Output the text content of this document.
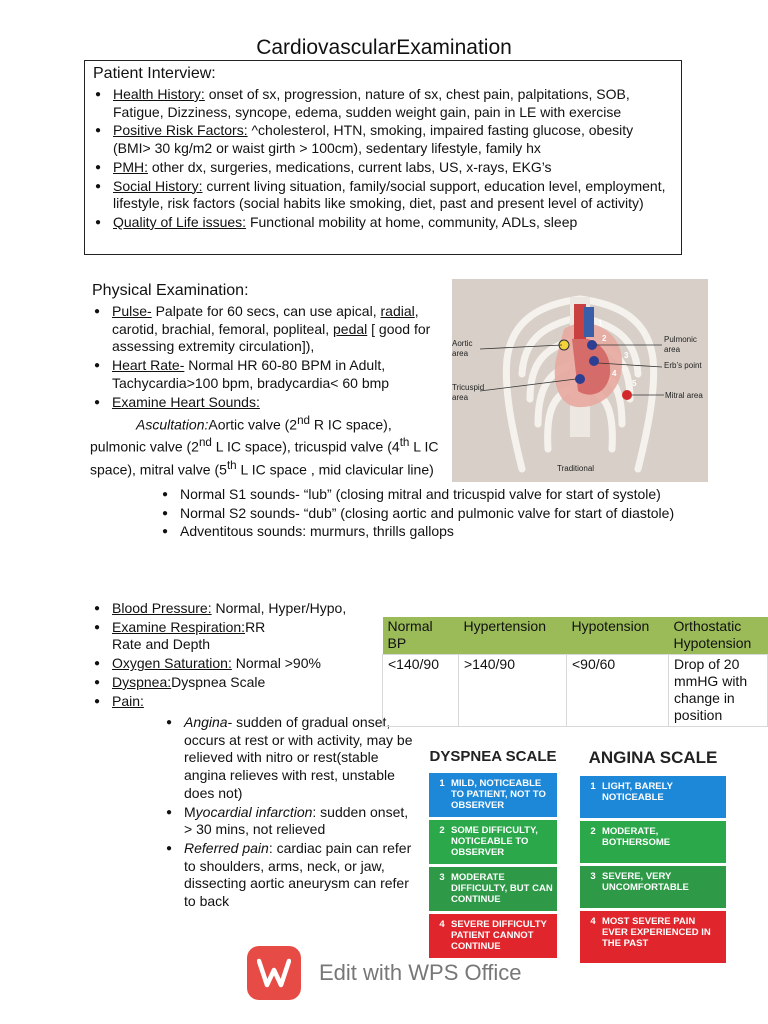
CardiovascularExamination
Patient Interview:
● Health History: onset of sx, progression, nature of sx, chest pain, palpitations, SOB, Fatigue, Dizziness, syncope, edema, sudden weight gain, pain in LE with exercise
● Positive Risk Factors: ^cholesterol, HTN, smoking, impaired fasting glucose, obesity (BMI> 30 kg/m2 or waist girth > 100cm), sedentary lifestyle, family hx
● PMH: other dx, surgeries, medications, current labs, US, x-rays, EKG’s
● Social History: current living situation, family/social support, education level, employment, lifestyle, risk factors (social habits like smoking, diet, past and present level of activity)
● Quality of Life issues: Functional mobility at home, community, ADLs, sleep
Physical Examination:
● Pulse- Palpate for 60 secs, can use apical, radial, carotid, brachial, femoral, popliteal, pedal [ good for assessing extremity circulation]),
● Heart Rate- Normal HR 60-80 BPM in Adult, Tachycardia>100 bpm, bradycardia< 60 bmp
● Examine Heart Sounds:
Ascultation:Aortic valve (2nd R IC space), pulmonic valve (2nd L IC space), tricuspid valve (4th L IC space), mitral valve (5th L IC space , mid clavicular line)
● Normal S1 sounds- “lub” (closing mitral and tricuspid valve for start of systole)
● Normal S2 sounds- “dub” (closing aortic and pulmonic valve for start of diastole)
● Adventitous sounds: murmurs, thrills gallops
Aortic area
Pulmonic area
Erb’s point
Tricuspid area	Mitral area
Traditional
1
2
3
4
5
● Blood Pressure: Normal, Hyper/Hypo,
● Examine Respiration:RR Rate and Depth
● Oxygen Saturation: Normal >90%
● Dyspnea:Dyspnea Scale
● Pain:
● Angina- sudden of gradual onset, occurs at rest or with activity, may be relieved with nitro or rest(stable angina relieves with rest, unstable does not)
● Myocardial infarction: sudden onset, > 30 mins, not relieved
● Referred pain: cardiac pain can refer to shoulders, arms, neck, or jaw, dissecting aortic aneurysm can refer to back
Normal BP	Hypertension	Hypotension	Orthostatic Hypotension
<140/90	>140/90	<90/60	Drop of 20 mmHG with change in position
DYSPNEA SCALE
1 MILD, NOTICEABLE TO PATIENT, NOT TO OBSERVER
2 SOME DIFFICULTY, NOTICEABLE TO OBSERVER
3 MODERATE DIFFICULTY, BUT CAN CONTINUE
4 SEVERE DIFFICULTY PATIENT CANNOT CONTINUE
ANGINA SCALE
1 LIGHT, BARELY NOTICEABLE
2 MODERATE, BOTHERSOME
3 SEVERE, VERY UNCOMFORTABLE
4 MOST SEVERE PAIN EVER EXPERIENCED IN THE PAST
Edit with WPS Office
